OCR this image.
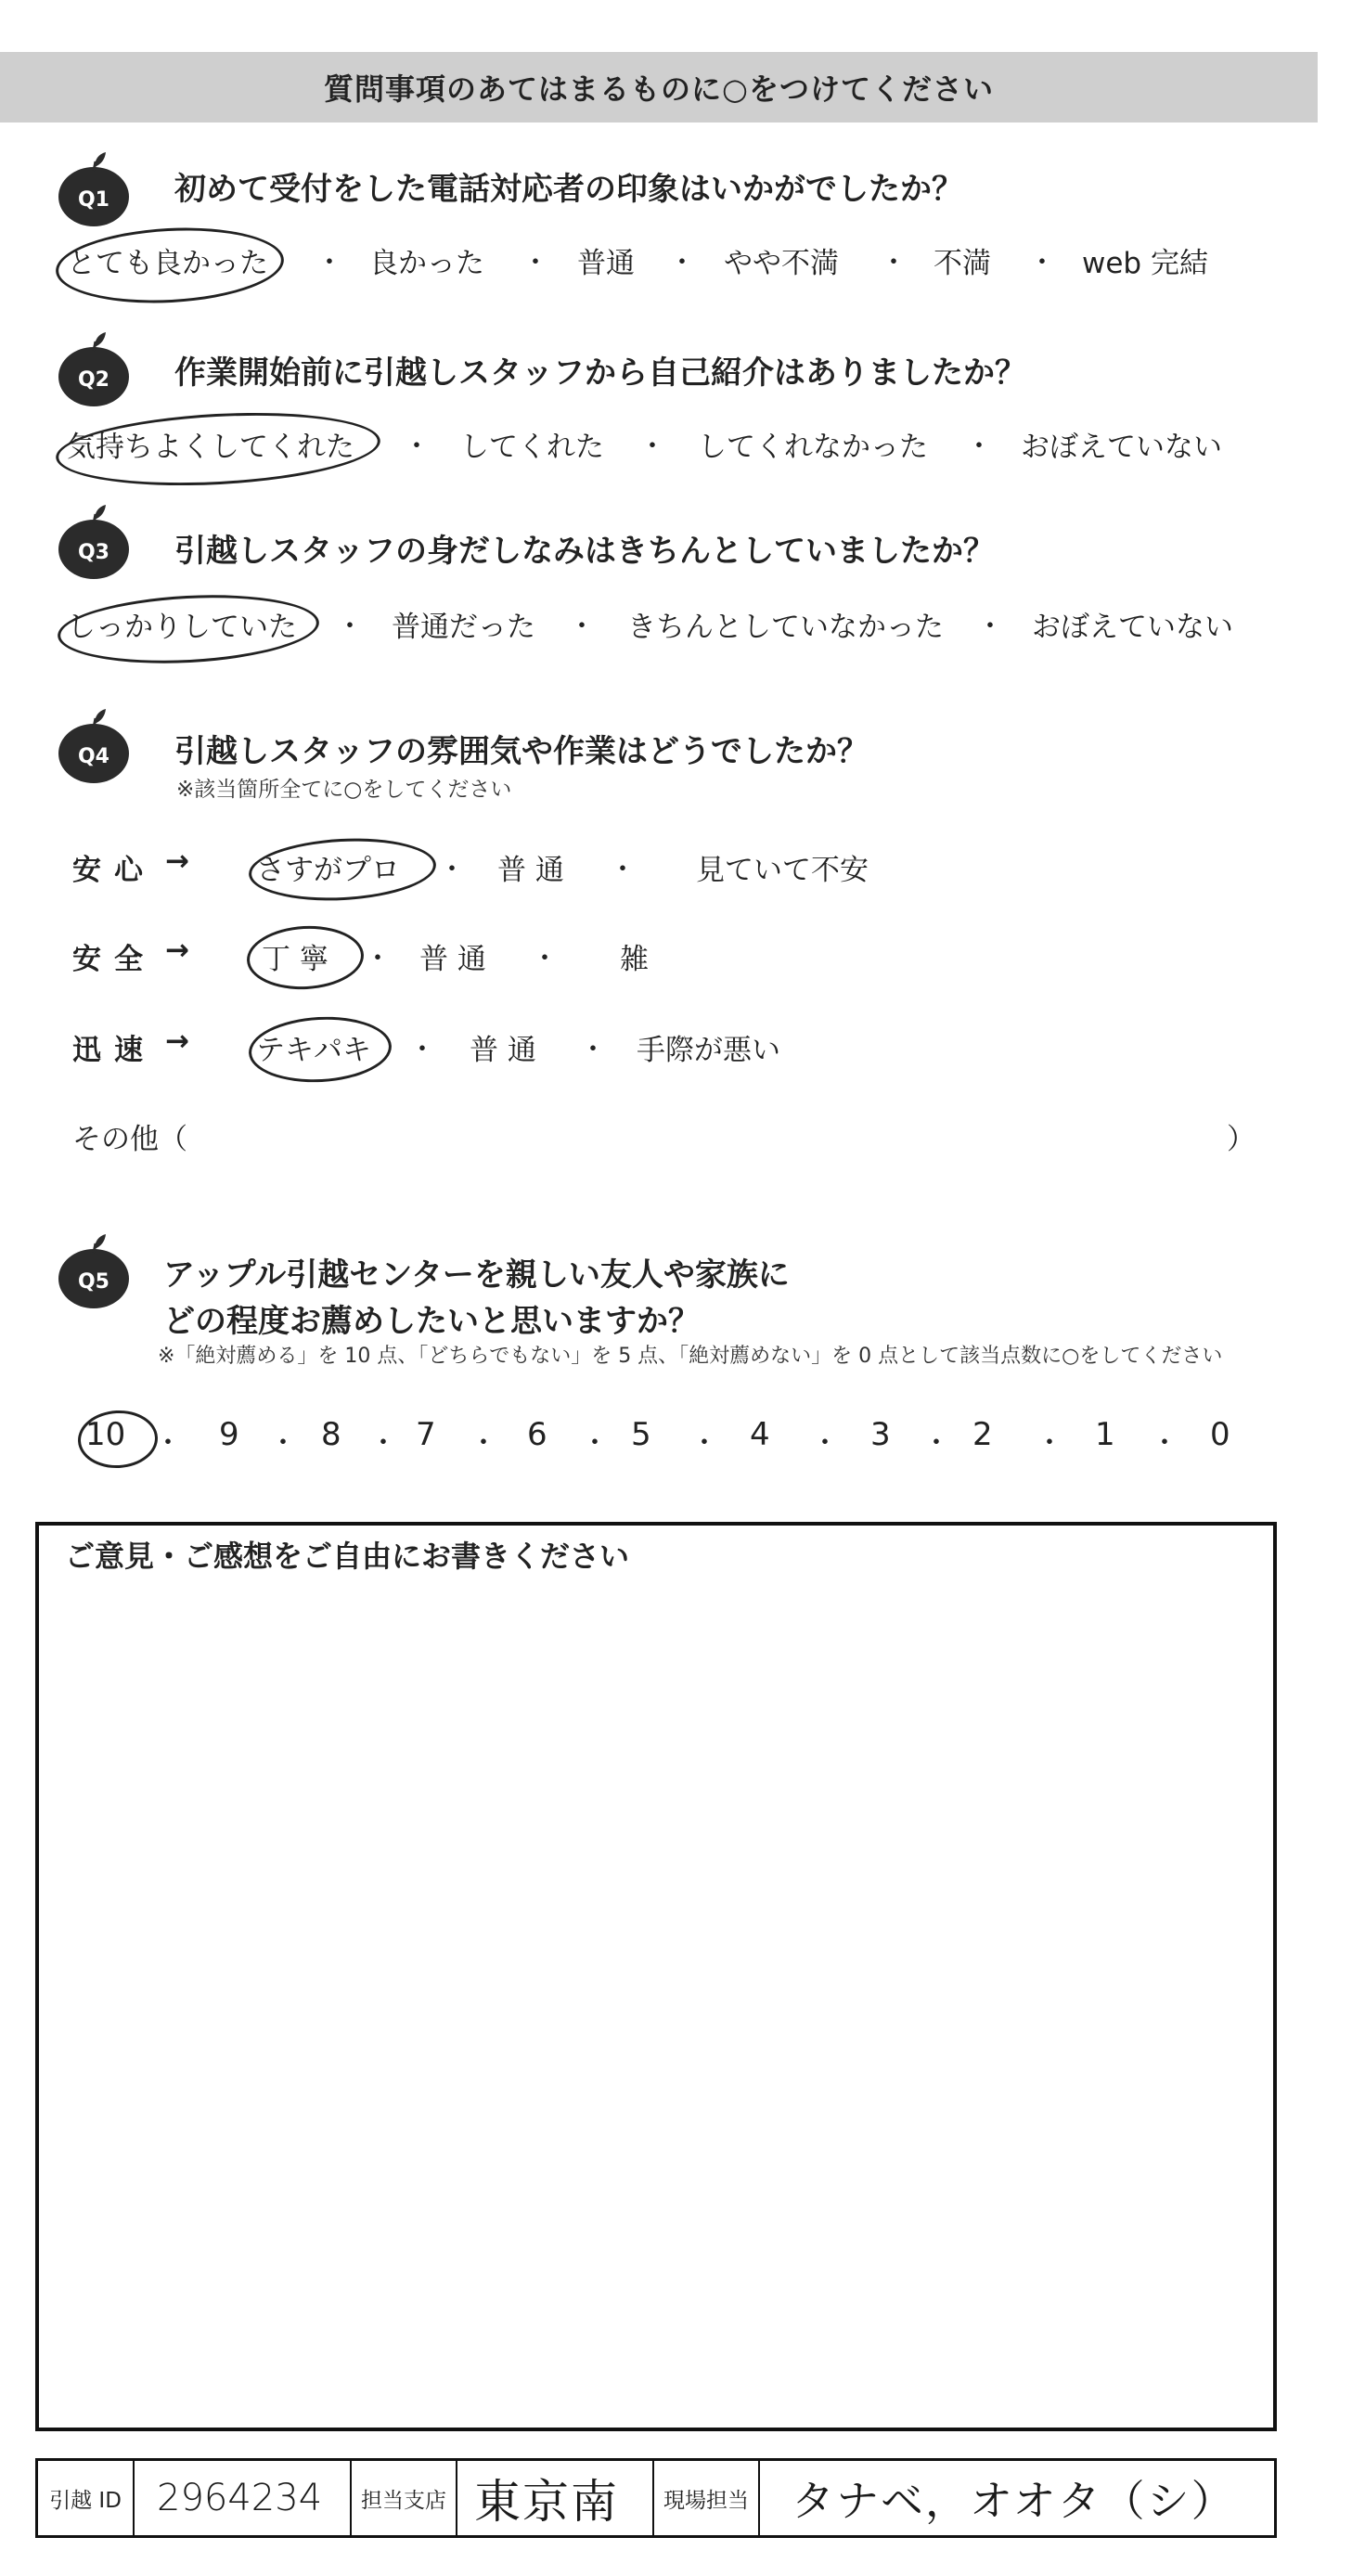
質問事項のあてはまるものに○をつけてください
Q1 初めて受付をした電話対応者の印象はいかがでしたか？
とても良かった ・ 良かった ・ 普通 ・ やや不満 ・ 不満 ・ web 完結
Q2 作業開始前に引越しスタッフから自己紹介はありましたか？
気持ちよくしてくれた ・ してくれた ・ してくれなかった ・ おぼえていない
Q3 引越しスタッフの身だしなみはきちんとしていましたか？
しっかりしていた ・ 普通だった ・ きちんとしていなかった ・ おぼえていない
Q4 引越しスタッフの雰囲気や作業はどうでしたか？
※該当箇所全てに○をしてください
安心 → さすがプロ ・ 普 通 ・ 見ていて不安
安全 →	丁 寧 ・ 普 通 ・ 雑
迅速 → テキパキ ・ 普 通 ・ 手際が悪い
その他（	）
Q5 アップル引越センターを親しい友人や家族に
どの程度お薦めしたいと思いますか？
※「絶対薦める」を 10 点、「どちらでもない」を 5 点、「絶対薦めない」を 0 点として該当点数に○をしてください
10 ・ 9 ・ 8 ・ 7 ・ 6 ・ 5 ・ 4 ・ 3 ・ 2 ・ 1 ・ 0
ご意見・ご感想をご自由にお書きください
引越 ID 2964234	担当支店 東京南	現場担当	タナベ，オオタ（シ）
